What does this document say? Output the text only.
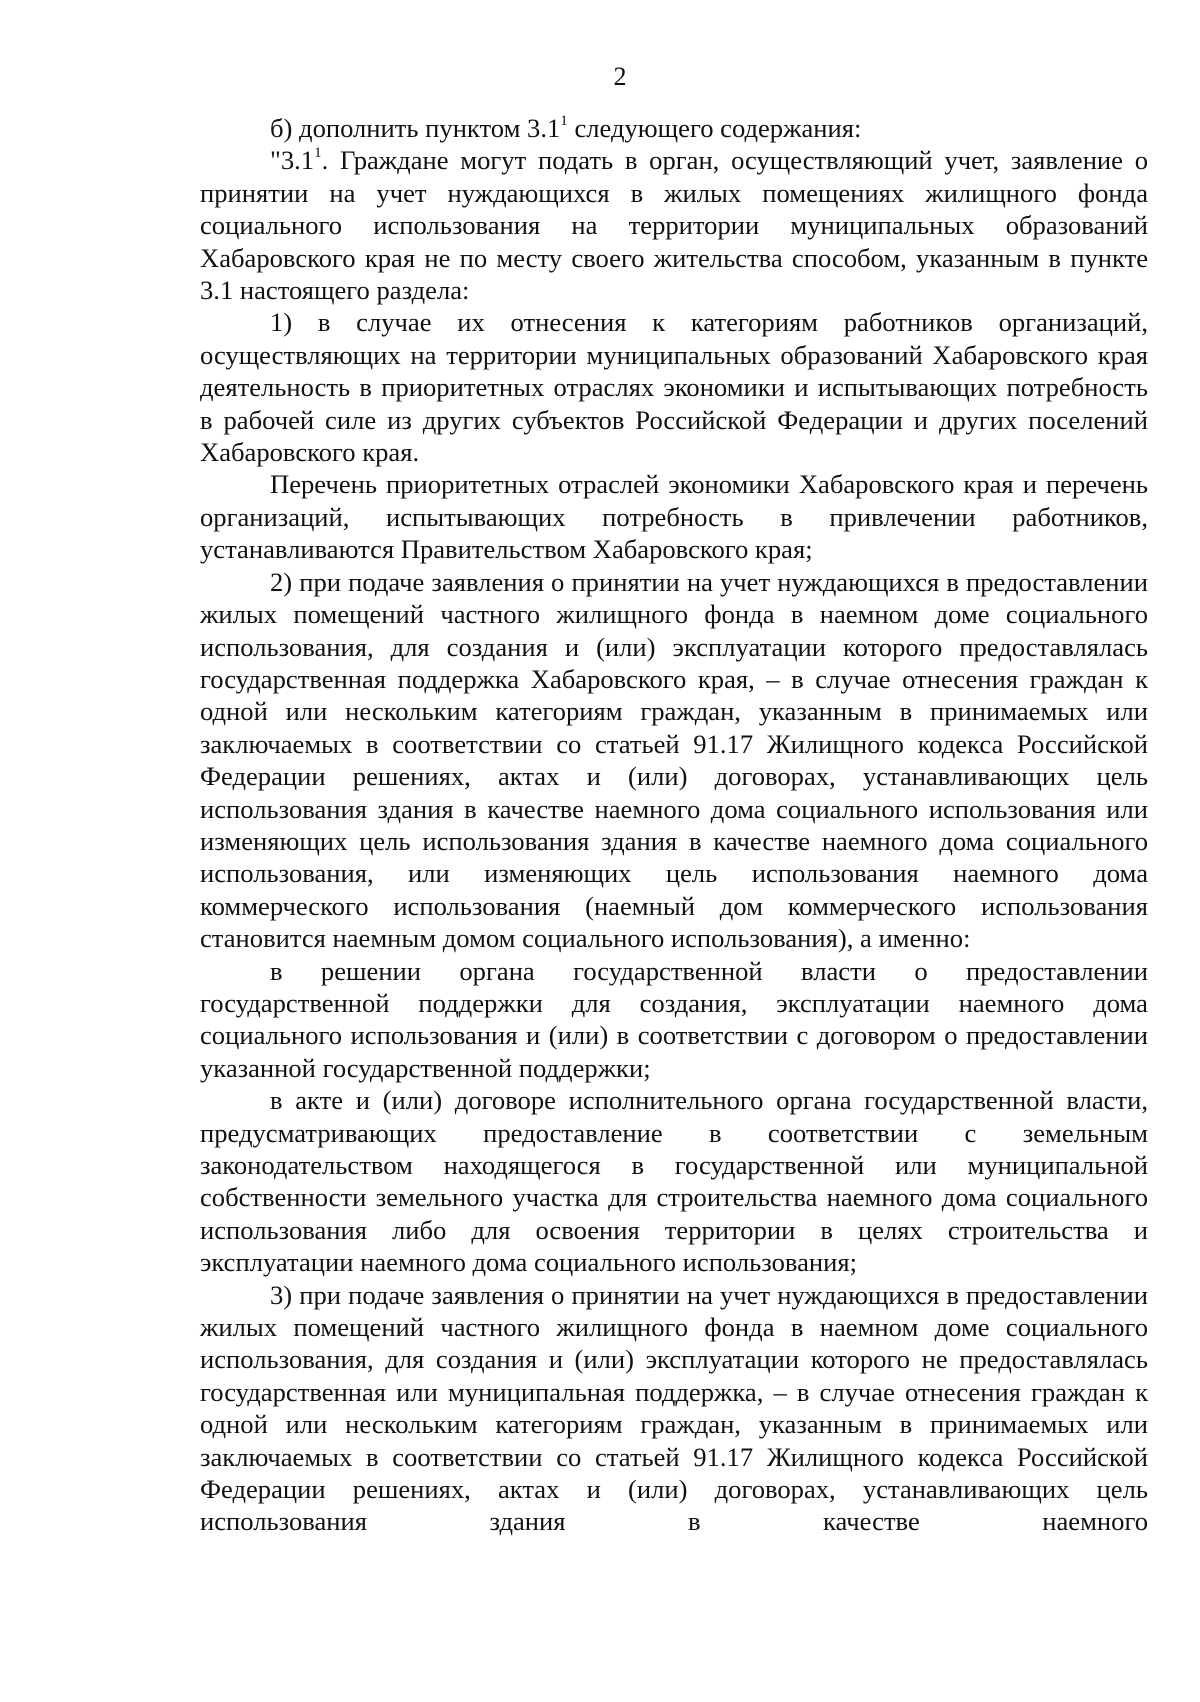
2

б) дополнить пунктом $3.1^1$ следующего содержания:

"$3.1^1$. Граждане могут подать в орган, осуществляющий учет, заявление о принятии на учет нуждающихся в жилых помещениях жилищного фонда социального использования на территории муниципальных образований Хабаровского края не по месту своего жительства способом, указанным в пункте 3.1 настоящего раздела:

1) в случае их отнесения к категориям работников организаций, осуществляющих на территории муниципальных образований Хабаровского края деятельность в приоритетных отраслях экономики и испытывающих потребность в рабочей силе из других субъектов Российской Федерации и других поселений Хабаровского края.

Перечень приоритетных отраслей экономики Хабаровского края и перечень организаций, испытывающих потребность в привлечении работников, устанавливаются Правительством Хабаровского края;

2) при подаче заявления о принятии на учет нуждающихся в предоставлении жилых помещений частного жилищного фонда в наемном доме социального использования, для создания и (или) эксплуатации которого предоставлялась государственная поддержка Хабаровского края, – в случае отнесения граждан к одной или нескольким категориям граждан, указанным в принимаемых или заключаемых в соответствии со статьей 91.17 Жилищного кодекса Российской Федерации решениях, актах и (или) договорах, устанавливающих цель использования здания в качестве наемного дома социального использования или изменяющих цель использования здания в качестве наемного дома социального использования, или изменяющих цель использования наемного дома коммерческого использования (наемный дом коммерческого использования становится наемным домом социального использования), а именно:

в решении органа государственной власти о предоставлении государственной поддержки для создания, эксплуатации наемного дома социального использования и (или) в соответствии с договором о предоставлении указанной государственной поддержки;

в акте и (или) договоре исполнительного органа государственной власти, предусматривающих предоставление в соответствии с земельным законодательством находящегося в государственной или муниципальной собственности земельного участка для строительства наемного дома социального использования либо для освоения территории в целях строительства и эксплуатации наемного дома социального использования;

3) при подаче заявления о принятии на учет нуждающихся в предоставлении жилых помещений частного жилищного фонда в наемном доме социального использования, для создания и (или) эксплуатации которого не предоставлялась государственная или муниципальная поддержка, – в случае отнесения граждан к одной или нескольким категориям граждан, указанным в принимаемых или заключаемых в соответствии со статьей 91.17 Жилищного кодекса Российской Федерации решениях, актах и (или) договорах, устанавливающих цель использования здания в качестве наемного
